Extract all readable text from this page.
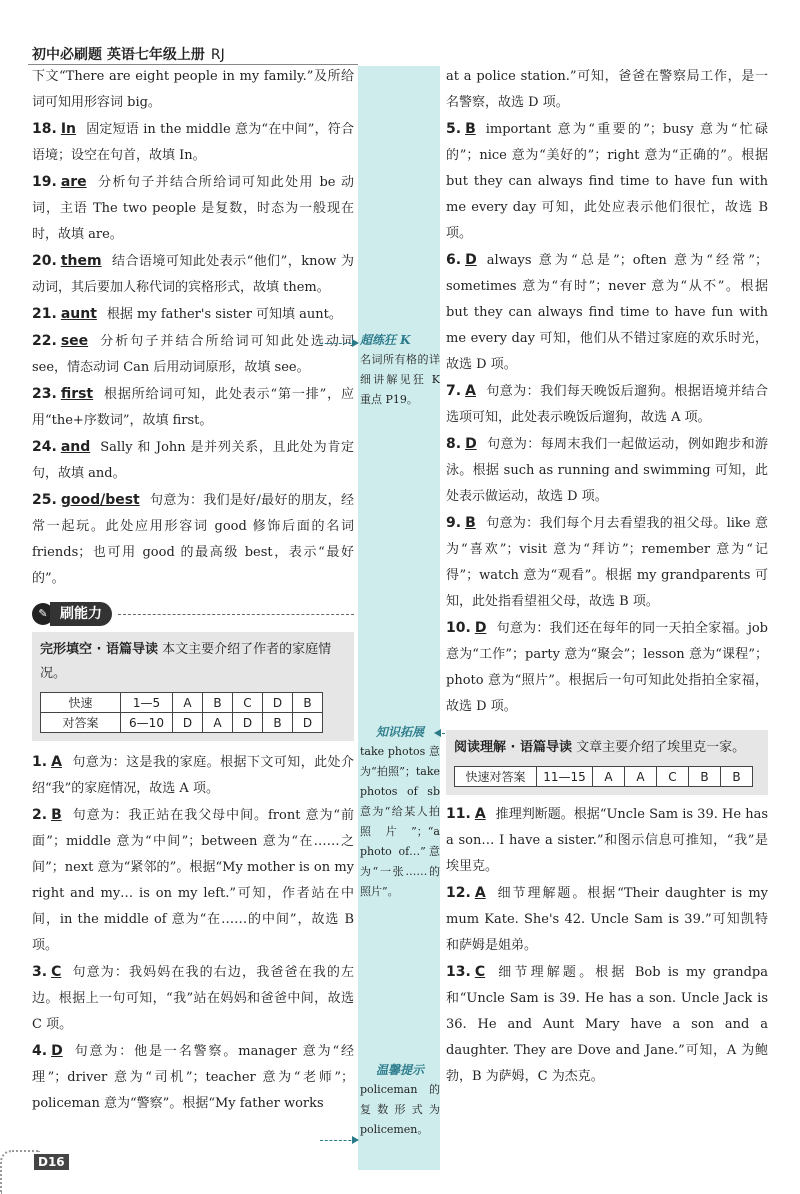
初中必刷题 英语七年级上册 RJ
下文“There are eight people in my family.”及所给词可知用形容词 big。
18. In 固定短语 in the middle 意为“在中间”，符合语境；设空在句首，故填 In。
19. are 分析句子并结合所给词可知此处用 be 动词，主语 The two people 是复数，时态为一般现在时，故填 are。
20. them 结合语境可知此处表示“他们”，know 为动词，其后要加人称代词的宾格形式，故填 them。
21. aunt 根据 my father's sister 可知填 aunt。
22. see 分析句子并结合所给词可知此处选动词 see，情态动词 Can 后用动词原形，故填 see。
23. first 根据所给词可知，此处表示“第一排”，应用“the+序数词”，故填 first。
24. and Sally 和 John 是并列关系，且此处为肯定句，故填 and。
25. good/best 句意为：我们是好/最好的朋友，经常一起玩。此处应用形容词 good 修饰后面的名词 friends；也可用 good 的最高级 best，表示“最好的”。
✎ 刷能力
完形填空 · 语篇导读 本文主要介绍了作者的家庭情况。
快速	1—5	A	B	C	D	B
对答案	6—10	D	A	D	B	D
1. A 句意为：这是我的家庭。根据下文可知，此处介绍“我”的家庭情况，故选 A 项。
2. B 句意为：我正站在我父母中间。front 意为“前面”；middle 意为“中间”；between 意为“在……之间”；next 意为“紧邻的”。根据“My mother is on my right and my… is on my left.”可知，作者站在中间，in the middle of 意为“在……的中间”，故选 B 项。
3. C 句意为：我妈妈在我的右边，我爸爸在我的左边。根据上一句可知，“我”站在妈妈和爸爸中间，故选 C 项。
4. D 句意为：他是一名警察。manager 意为“经理”；driver 意为“司机”；teacher 意为“老师”；policeman 意为“警察”。根据“My father works
超练狂 K
名词所有格的详细讲解见狂 K 重点 P19。
知识拓展
take photos 意为“拍照”；take photos of sb 意为“给某人拍照片”；“a photo of…”意为“一张……的照片”。
温馨提示
policeman 的复数形式为 policemen。
at a police station.”可知，爸爸在警察局工作，是一名警察，故选 D 项。
5. B important 意为“重要的”；busy 意为“忙碌的”；nice 意为“美好的”；right 意为“正确的”。根据 but they can always find time to have fun with me every day 可知，此处应表示他们很忙，故选 B 项。
6. D always 意为“总是”；often 意为“经常”；sometimes 意为“有时”；never 意为“从不”。根据 but they can always find time to have fun with me every day 可知，他们从不错过家庭的欢乐时光，故选 D 项。
7. A 句意为：我们每天晚饭后遛狗。根据语境并结合选项可知，此处表示晚饭后遛狗，故选 A 项。
8. D 句意为：每周末我们一起做运动，例如跑步和游泳。根据 such as running and swimming 可知，此处表示做运动，故选 D 项。
9. B 句意为：我们每个月去看望我的祖父母。like 意为“喜欢”；visit 意为“拜访”；remember 意为“记得”；watch 意为“观看”。根据 my grandparents 可知，此处指看望祖父母，故选 B 项。
10. D 句意为：我们还在每年的同一天拍全家福。job 意为“工作”；party 意为“聚会”；lesson 意为“课程”；photo 意为“照片”。根据后一句可知此处指拍全家福，故选 D 项。
阅读理解 · 语篇导读 文章主要介绍了埃里克一家。
快速对答案	11—15	A	A	C	B	B
11. A 推理判断题。根据“Uncle Sam is 39. He has a son… I have a sister.”和图示信息可推知，“我”是埃里克。
12. A 细节理解题。根据“Their daughter is my mum Kate. She's 42. Uncle Sam is 39.”可知凯特和萨姆是姐弟。
13. C 细节理解题。根据 Bob is my grandpa 和“Uncle Sam is 39. He has a son. Uncle Jack is 36. He and Aunt Mary have a son and a daughter. They are Dove and Jane.”可知，A 为鲍勃，B 为萨姆，C 为杰克。
D16
